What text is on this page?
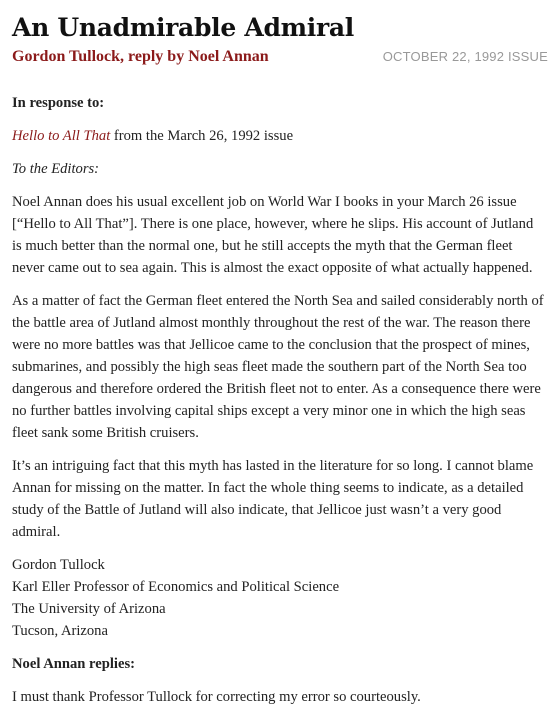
An Unadmirable Admiral
Gordon Tullock, reply by Noel Annan	OCTOBER 22, 1992 ISSUE

In response to:

Hello to All That from the March 26, 1992 issue

To the Editors:

Noel Annan does his usual excellent job on World War I books in your March 26 issue [“Hello to All That”]. There is one place, however, where he slips. His account of Jutland is much better than the normal one, but he still accepts the myth that the German fleet never came out to sea again. This is almost the exact opposite of what actually happened.

As a matter of fact the German fleet entered the North Sea and sailed considerably north of the battle area of Jutland almost monthly throughout the rest of the war. The reason there were no more battles was that Jellicoe came to the conclusion that the prospect of mines, submarines, and possibly the high seas fleet made the southern part of the North Sea too dangerous and therefore ordered the British fleet not to enter. As a consequence there were no further battles involving capital ships except a very minor one in which the high seas fleet sank some British cruisers.

It’s an intriguing fact that this myth has lasted in the literature for so long. I cannot blame Annan for missing on the matter. In fact the whole thing seems to indicate, as a detailed study of the Battle of Jutland will also indicate, that Jellicoe just wasn’t a very good admiral.

Gordon Tullock

Karl Eller Professor of Economics and Political Science

The University of Arizona

Tucson, Arizona

Noel Annan replies:

I must thank Professor Tullock for correcting my error so courteously.
